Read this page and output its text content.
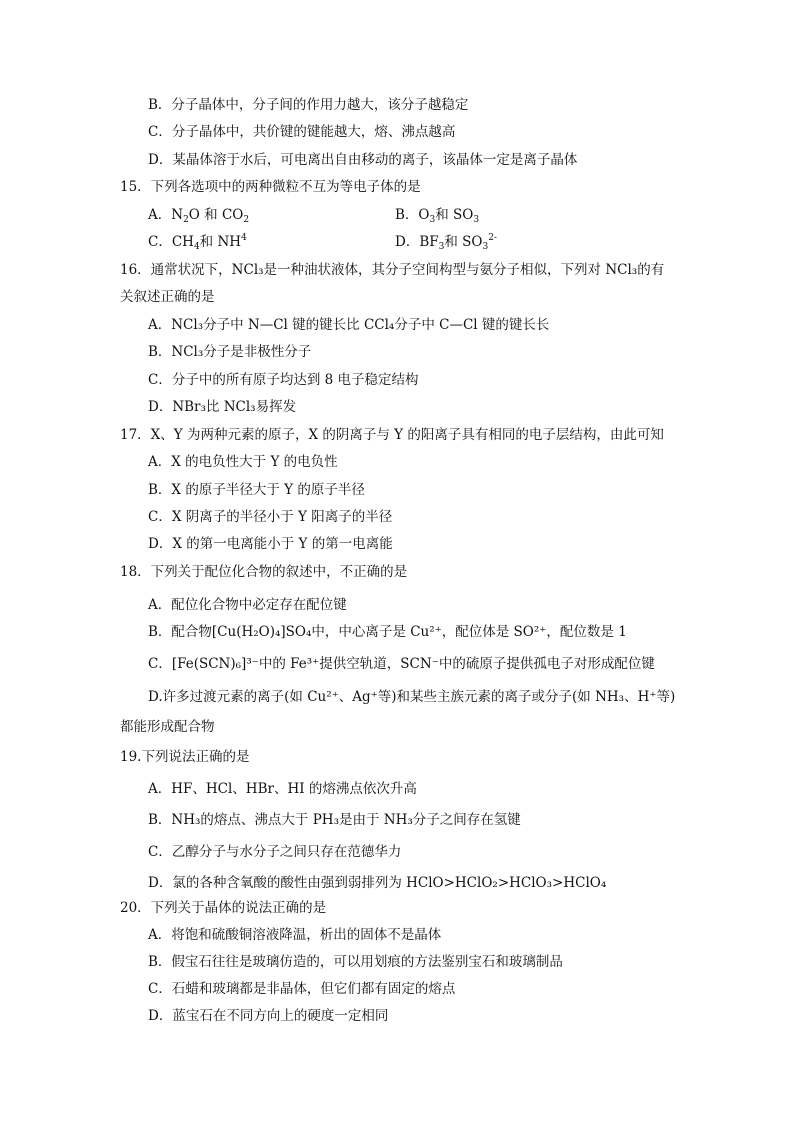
B．分子晶体中，分子间的作用力越大，该分子越稳定
C．分子晶体中，共价键的键能越大，熔、沸点越高
D．某晶体溶于水后，可电离出自由移动的离子，该晶体一定是离子晶体
15．下列各选项中的两种微粒不互为等电子体的是
A．$N_2O$ 和 $CO_2$	B．$O_3$和 $SO_3$
C．$CH_4$和 $NH^4$	D．$BF_3$和 $SO_3^{2-}$
16．通常状况下，NCl₃是一种油状液体，其分子空间构型与氨分子相似，下列对 NCl₃的有
关叙述正确的是
A．NCl₃分子中 N—Cl 键的键长比 CCl₄分子中 C—Cl 键的键长长
B．NCl₃分子是非极性分子
C．分子中的所有原子均达到 8 电子稳定结构
D．NBr₃比 NCl₃易挥发
17．X、Y 为两种元素的原子，X 的阴离子与 Y 的阳离子具有相同的电子层结构，由此可知
A．X 的电负性大于 Y 的电负性
B．X 的原子半径大于 Y 的原子半径
C．X 阴离子的半径小于 Y 阳离子的半径
D．X 的第一电离能小于 Y 的第一电离能
18．下列关于配位化合物的叙述中，不正确的是
A．配位化合物中必定存在配位键
B．配合物[Cu(H₂O)₄]SO₄中，中心离子是 Cu²⁺，配位体是 SO²⁺，配位数是 1
C．[Fe(SCN)₆]³⁻中的 Fe³⁺提供空轨道，SCN⁻中的硫原子提供孤电子对形成配位键
D.许多过渡元素的离子(如 Cu²⁺、Ag⁺等)和某些主族元素的离子或分子(如 NH₃、H⁺等)
都能形成配合物
19.下列说法正确的是
A．HF、HCl、HBr、HI 的熔沸点依次升高
B．NH₃的熔点、沸点大于 PH₃是由于 NH₃分子之间存在氢键
C．乙醇分子与水分子之间只存在范德华力
D．氯的各种含氧酸的酸性由强到弱排列为 HClO>HClO₂>HClO₃>HClO₄
20．下列关于晶体的说法正确的是
A．将饱和硫酸铜溶液降温，析出的固体不是晶体
B．假宝石往往是玻璃仿造的，可以用划痕的方法鉴别宝石和玻璃制品
C．石蜡和玻璃都是非晶体，但它们都有固定的熔点
D．蓝宝石在不同方向上的硬度一定相同
